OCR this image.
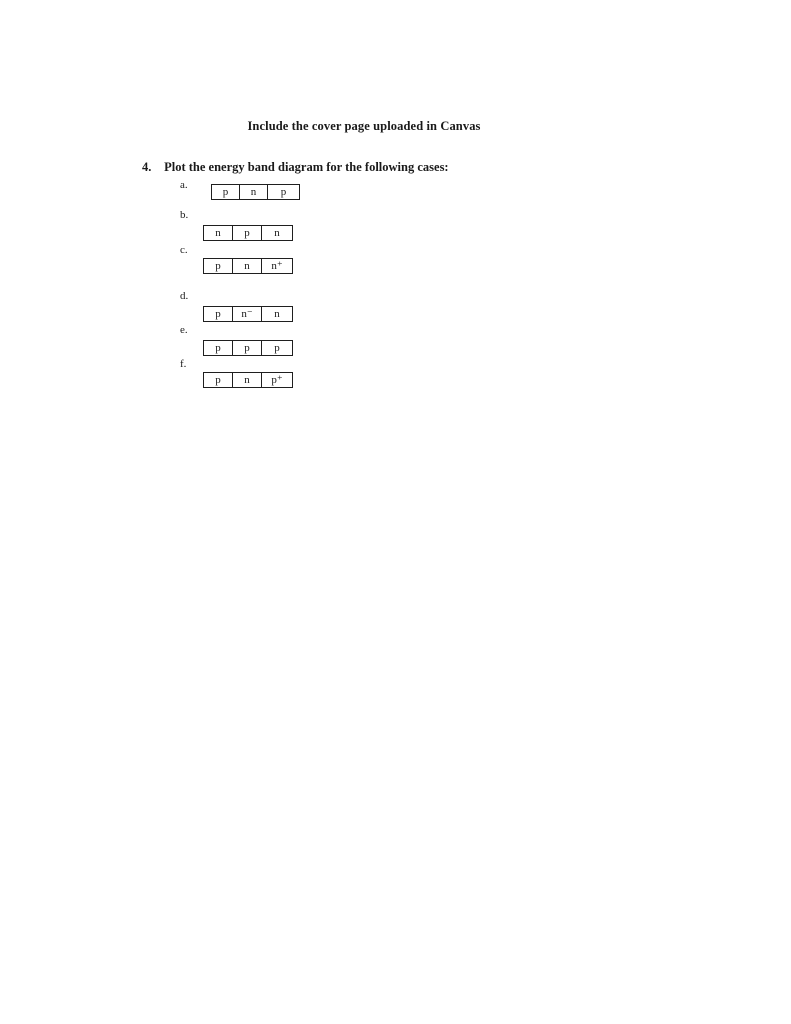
Include the cover page uploaded in Canvas
4. Plot the energy band diagram for the following cases:
a.
p	n	p
b.
n	p	n
c.
p	n	n⁺
d.
p	n⁻	n
e.
p	p	p
f.
p	n	p⁺
